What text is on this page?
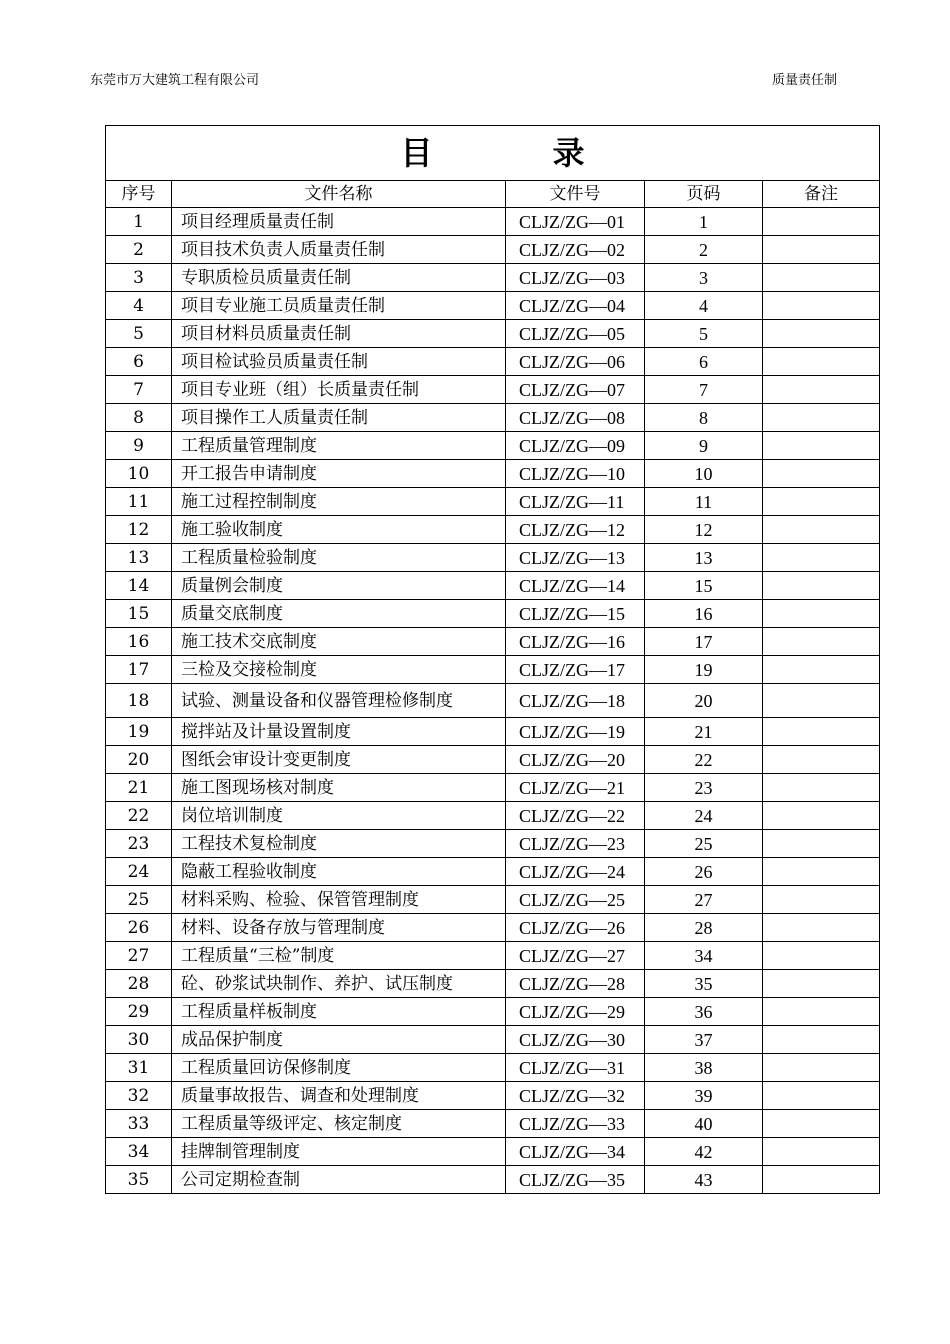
东莞市万大建筑工程有限公司	质量责任制
目　录				
序号	文件名称	文件号	页码	备注
1	项目经理质量责任制	CLJZ/ZG—01	1	
2	项目技术负责人质量责任制	CLJZ/ZG—02	2	
3	专职质检员质量责任制	CLJZ/ZG—03	3	
4	项目专业施工员质量责任制	CLJZ/ZG—04	4	
5	项目材料员质量责任制	CLJZ/ZG—05	5	
6	项目检试验员质量责任制	CLJZ/ZG—06	6	
7	项目专业班（组）长质量责任制	CLJZ/ZG—07	7	
8	项目操作工人质量责任制	CLJZ/ZG—08	8	
9	工程质量管理制度	CLJZ/ZG—09	9	
10	开工报告申请制度	CLJZ/ZG—10	10	
11	施工过程控制制度	CLJZ/ZG—11	11	
12	施工验收制度	CLJZ/ZG—12	12	
13	工程质量检验制度	CLJZ/ZG—13	13	
14	质量例会制度	CLJZ/ZG—14	15	
15	质量交底制度	CLJZ/ZG—15	16	
16	施工技术交底制度	CLJZ/ZG—16	17	
17	三检及交接检制度	CLJZ/ZG—17	19	
18	试验、测量设备和仪器管理检修制度	CLJZ/ZG—18	20	
19	搅拌站及计量设置制度	CLJZ/ZG—19	21	
20	图纸会审设计变更制度	CLJZ/ZG—20	22	
21	施工图现场核对制度	CLJZ/ZG—21	23	
22	岗位培训制度	CLJZ/ZG—22	24	
23	工程技术复检制度	CLJZ/ZG—23	25	
24	隐蔽工程验收制度	CLJZ/ZG—24	26	
25	材料采购、检验、保管管理制度	CLJZ/ZG—25	27	
26	材料、设备存放与管理制度	CLJZ/ZG—26	28	
27	工程质量“三检”制度	CLJZ/ZG—27	34	
28	砼、砂浆试块制作、养护、试压制度	CLJZ/ZG—28	35	
29	工程质量样板制度	CLJZ/ZG—29	36	
30	成品保护制度	CLJZ/ZG—30	37	
31	工程质量回访保修制度	CLJZ/ZG—31	38	
32	质量事故报告、调查和处理制度	CLJZ/ZG—32	39	
33	工程质量等级评定、核定制度	CLJZ/ZG—33	40	
34	挂牌制管理制度	CLJZ/ZG—34	42	
35	公司定期检查制	CLJZ/ZG—35	43	
